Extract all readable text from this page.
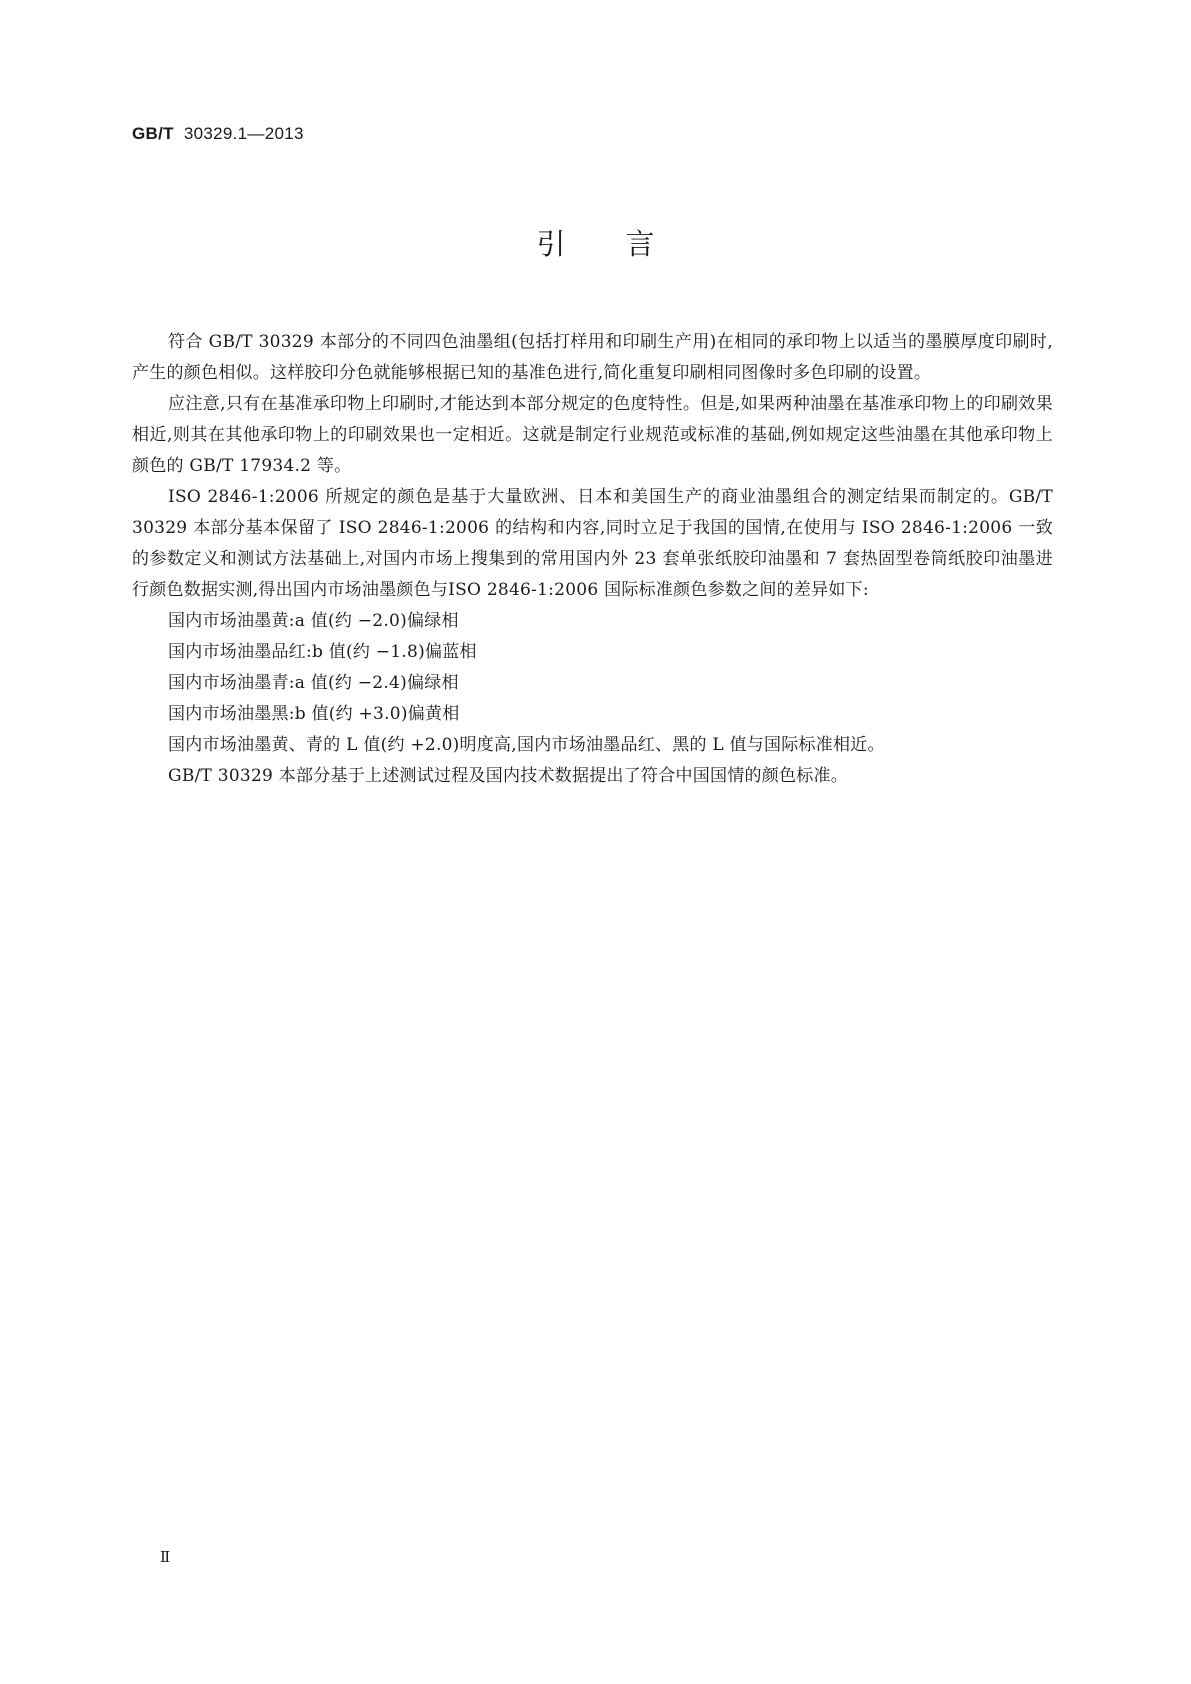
GB/T 30329.1—2013
引言

符合 GB/T 30329 本部分的不同四色油墨组(包括打样用和印刷生产用)在相同的承印物上以适当的墨膜厚度印刷时,产生的颜色相似。这样胶印分色就能够根据已知的基准色进行,简化重复印刷相同图像时多色印刷的设置。

应注意,只有在基准承印物上印刷时,才能达到本部分规定的色度特性。但是,如果两种油墨在基准承印物上的印刷效果相近,则其在其他承印物上的印刷效果也一定相近。这就是制定行业规范或标准的基础,例如规定这些油墨在其他承印物上颜色的 GB/T 17934.2 等。

ISO 2846-1:2006 所规定的颜色是基于大量欧洲、日本和美国生产的商业油墨组合的测定结果而制定的。GB/T 30329 本部分基本保留了 ISO 2846-1:2006 的结构和内容,同时立足于我国的国情,在使用与 ISO 2846-1:2006 一致的参数定义和测试方法基础上,对国内市场上搜集到的常用国内外 23 套单张纸胶印油墨和 7 套热固型卷筒纸胶印油墨进行颜色数据实测,得出国内市场油墨颜色与ISO 2846-1:2006 国际标准颜色参数之间的差异如下:

国内市场油墨黄:a 值(约 −2.0)偏绿相

国内市场油墨品红:b 值(约 −1.8)偏蓝相

国内市场油墨青:a 值(约 −2.4)偏绿相

国内市场油墨黑:b 值(约 +3.0)偏黄相

国内市场油墨黄、青的 L 值(约 +2.0)明度高,国内市场油墨品红、黑的 L 值与国际标准相近。

GB/T 30329 本部分基于上述测试过程及国内技术数据提出了符合中国国情的颜色标准。

Ⅱ
